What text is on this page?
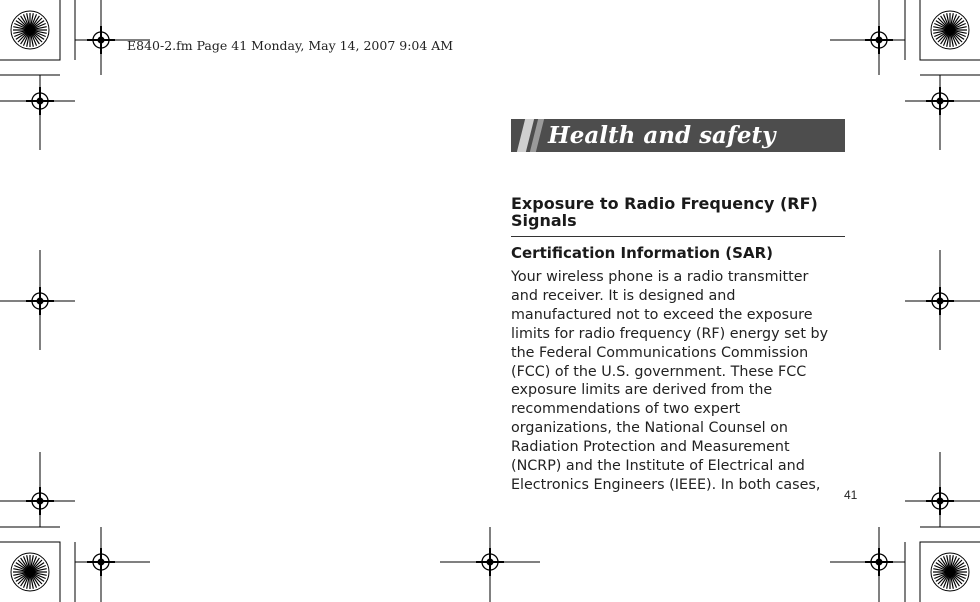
E840-2.fm Page 41 Monday, May 14, 2007 9:04 AM
Health and safety
Exposure to Radio Frequency (RF) Signals
Certification Information (SAR)
Your wireless phone is a radio transmitter
and receiver. It is designed and
manufactured not to exceed the exposure
limits for radio frequency (RF) energy set by
the Federal Communications Commission
(FCC) of the U.S. government. These FCC
exposure limits are derived from the
recommendations of two expert
organizations, the National Counsel on
Radiation Protection and Measurement
(NCRP) and the Institute of Electrical and
Electronics Engineers (IEEE). In both cases,
41
